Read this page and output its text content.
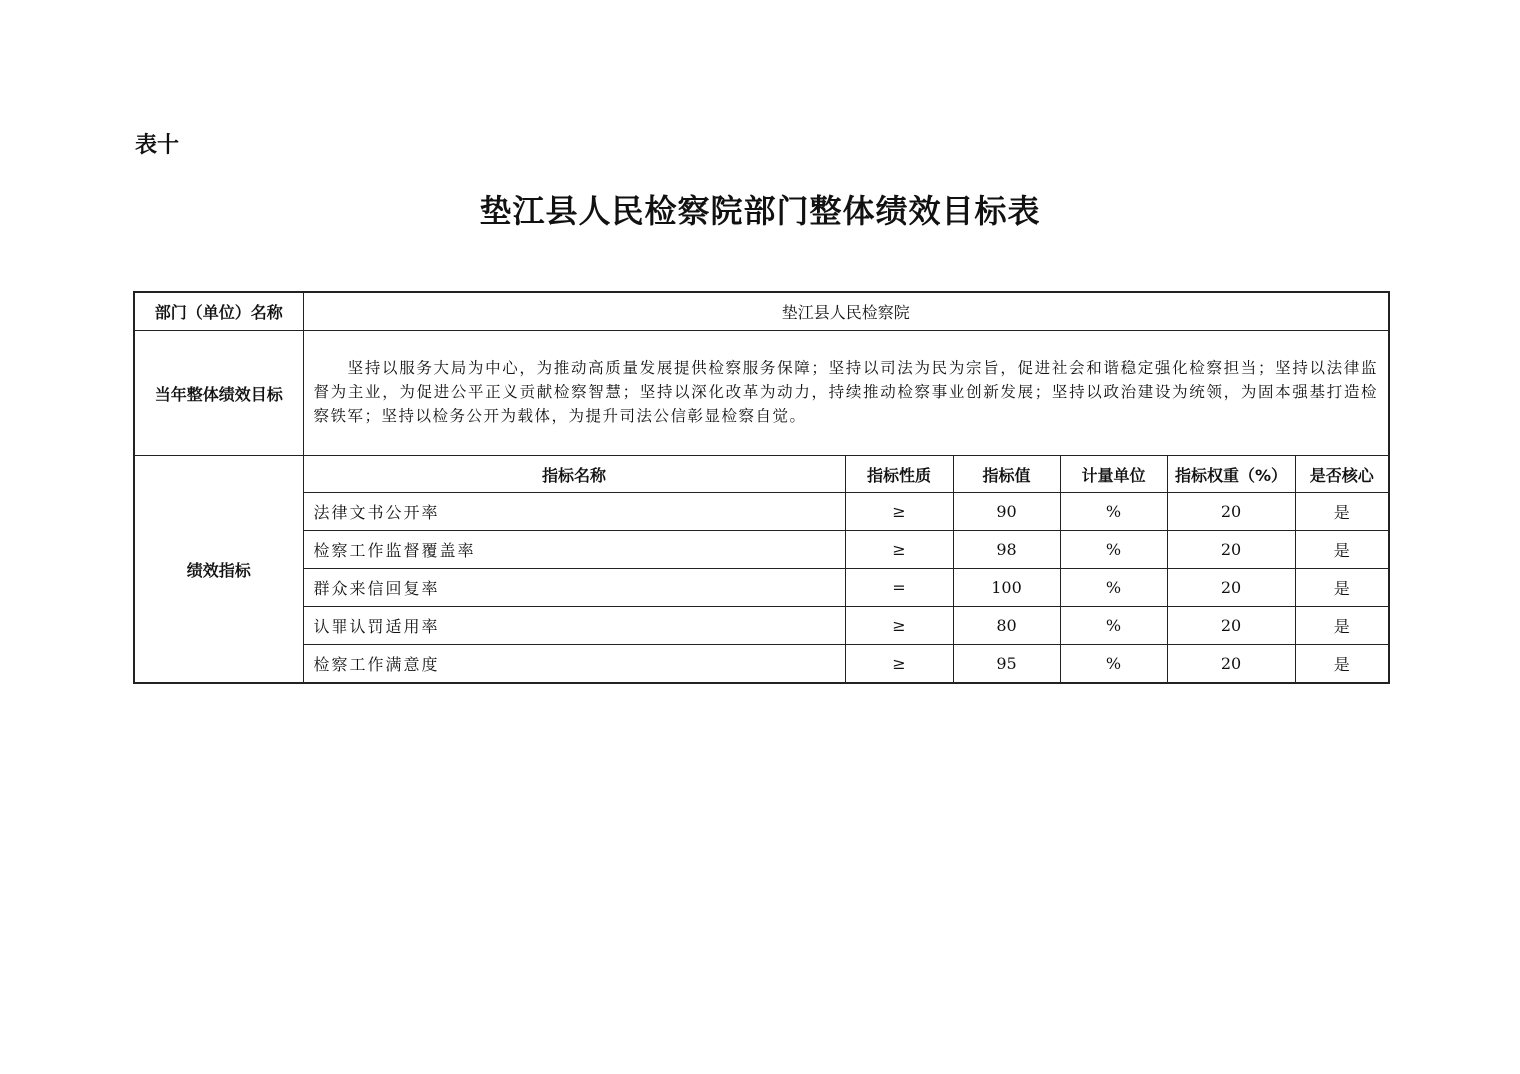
表十
垫江县人民检察院部门整体绩效目标表
部门（单位）名称	垫江县人民检察院					
当年整体绩效目标	坚持以服务大局为中心，为推动高质量发展提供检察服务保障；坚持以司法为民为宗旨，促进社会和谐稳定强化检察担当；坚持以法律监督为主业，为促进公平正义贡献检察智慧；坚持以深化改革为动力，持续推动检察事业创新发展；坚持以政治建设为统领，为固本强基打造检察铁军；坚持以检务公开为载体，为提升司法公信彰显检察自觉。					
绩效指标	指标名称	指标性质	指标值	计量单位	指标权重（%）	是否核心
	法律文书公开率	≥	90	%	20	是
	检察工作监督覆盖率	≥	98	%	20	是
	群众来信回复率	=	100	%	20	是
	认罪认罚适用率	≥	80	%	20	是
	检察工作满意度	≥	95	%	20	是
